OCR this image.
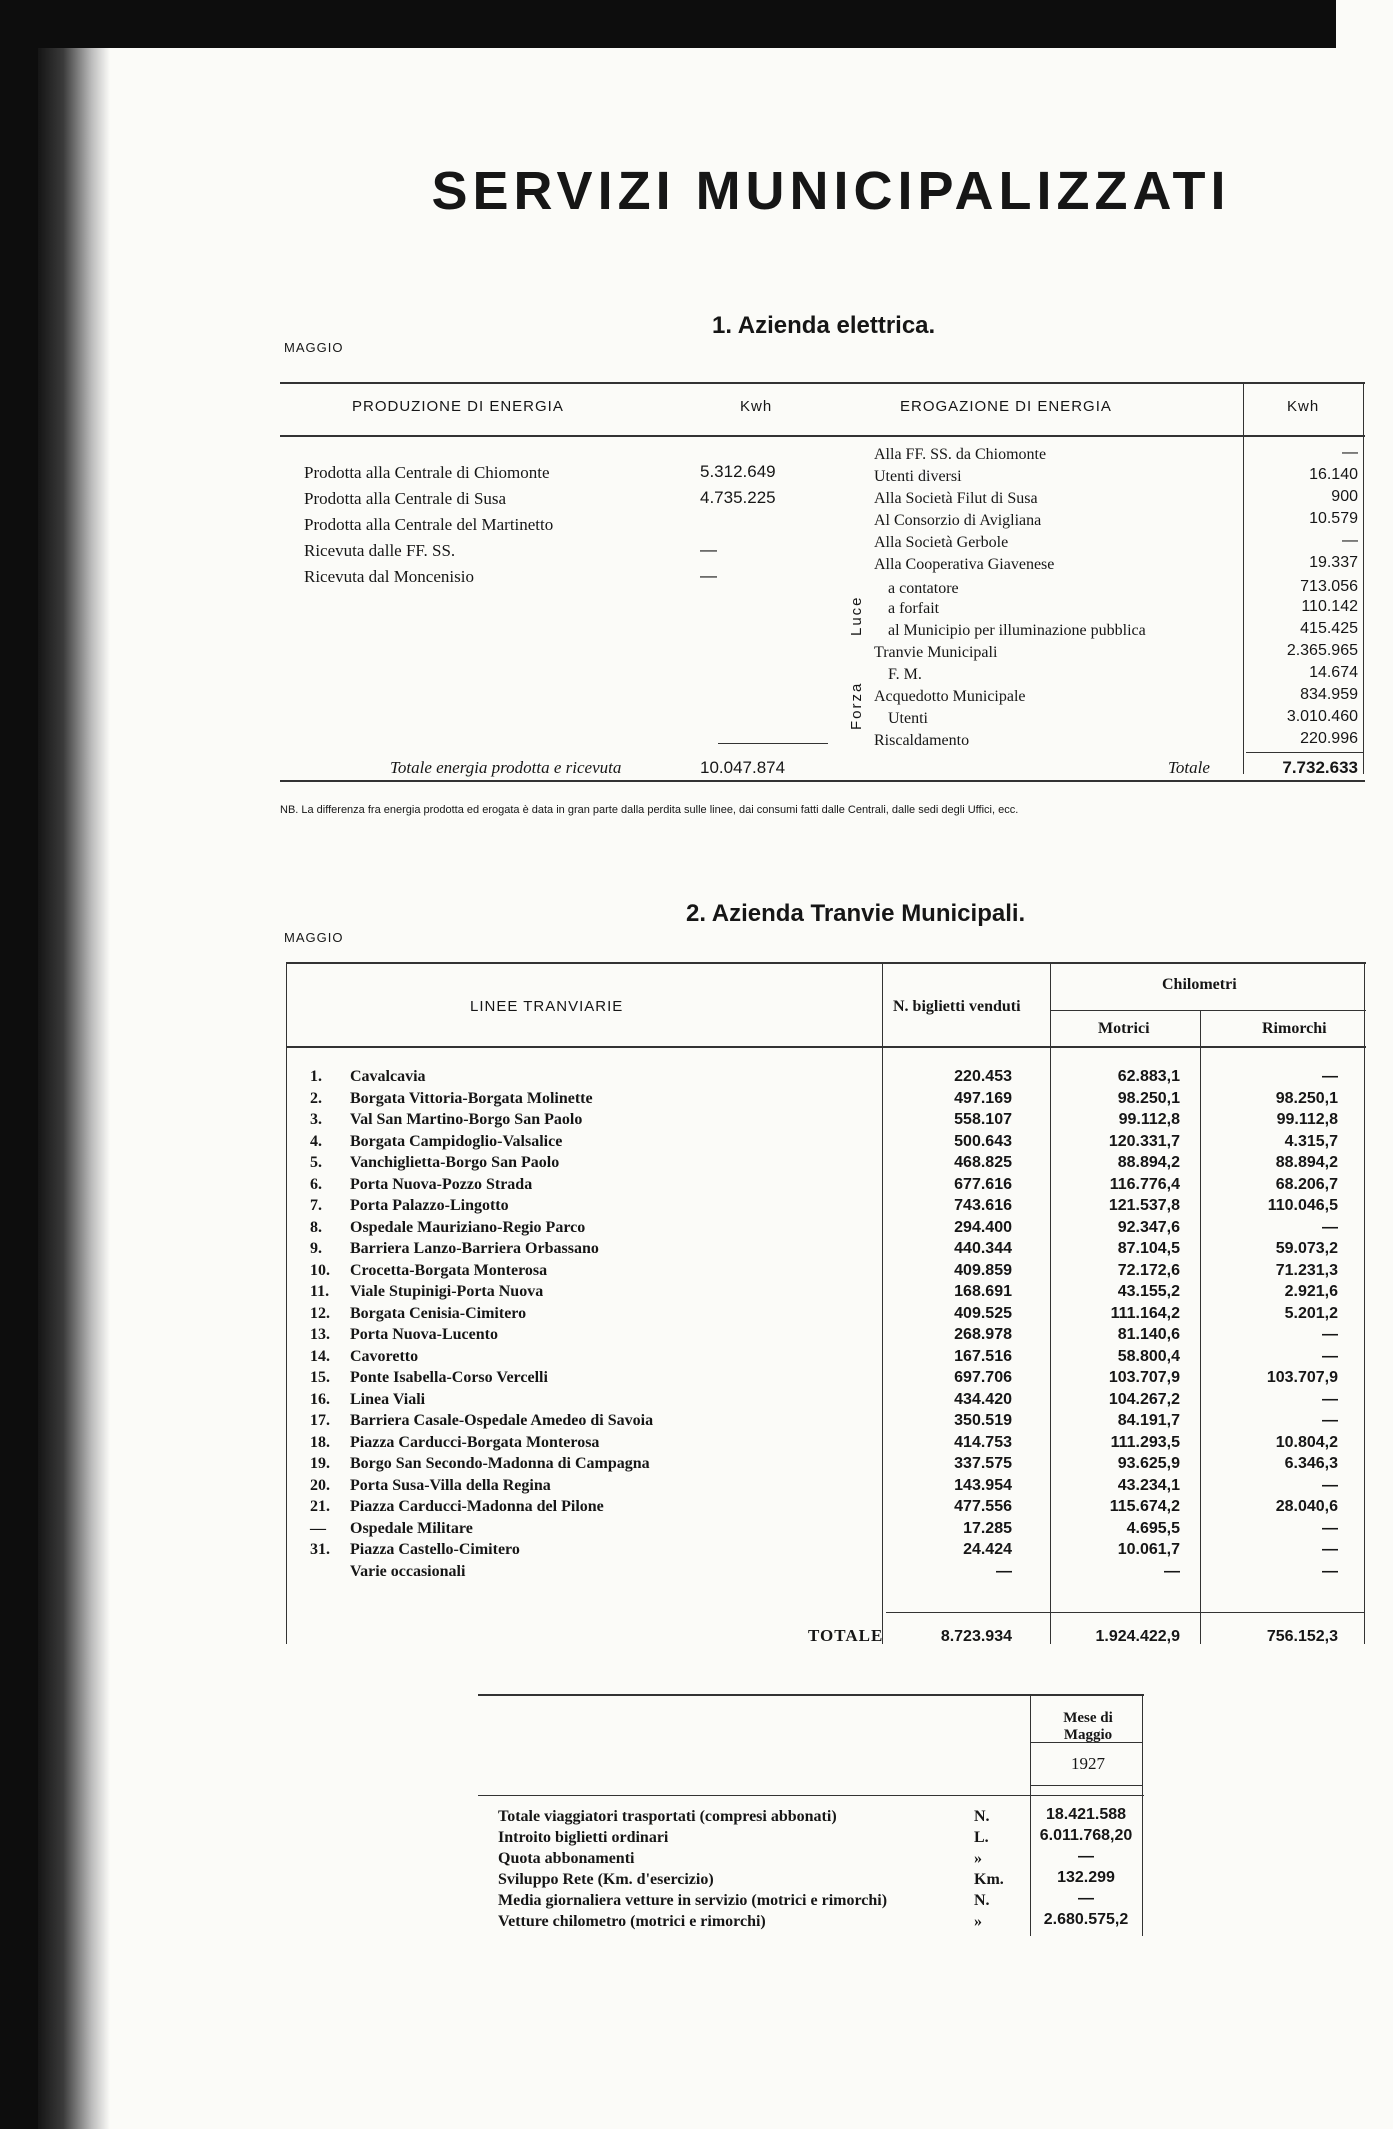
SERVIZI MUNICIPALIZZATI
MAGGIO
1. Azienda elettrica.
PRODUZIONE DI ENERGIA	Kwh	EROGAZIONE DI ENERGIA	Kwh
Prodotta alla Centrale di Chiomonte	5.312.649
Prodotta alla Centrale di Susa	4.735.225
Prodotta alla Centrale del Martinetto
Ricevuta dalle FF. SS.	—
Ricevuta dal Moncenisio	—
Totale energia prodotta e ricevuta	10.047.874
Alla FF. SS. da Chiomonte	—
Utenti diversi	16.140
Alla Società Filut di Susa	900
Al Consorzio di Avigliana	10.579
Alla Società Gerbole	—
Alla Cooperativa Giavenese	19.337
a contatore	713.056
a forfait	110.142
al Municipio per illuminazione pubblica	415.425
Tranvie Municipali	2.365.965
F. M.	14.674
Acquedotto Municipale	834.959
Utenti	3.010.460
Riscaldamento	220.996
Luce
Forza
Totale	7.732.633
NB. La differenza fra energia prodotta ed erogata è data in gran parte dalla perdita sulle linee, dai consumi fatti dalle Centrali, dalle sedi degli Uffici, ecc.
MAGGIO
2. Azienda Tranvie Municipali.
LINEE TRANVIARIE	N. biglietti venduti
Chilometri
Motrici	Rimorchi
1.	Cavalcavia	220.453	62.883,1	—
2.	Borgata Vittoria-Borgata Molinette	497.169	98.250,1	98.250,1
3.	Val San Martino-Borgo San Paolo	558.107	99.112,8	99.112,8
4.	Borgata Campidoglio-Valsalice	500.643	120.331,7	4.315,7
5.	Vanchiglietta-Borgo San Paolo	468.825	88.894,2	88.894,2
6.	Porta Nuova-Pozzo Strada	677.616	116.776,4	68.206,7
7.	Porta Palazzo-Lingotto	743.616	121.537,8	110.046,5
8.	Ospedale Mauriziano-Regio Parco	294.400	92.347,6	—
9.	Barriera Lanzo-Barriera Orbassano	440.344	87.104,5	59.073,2
10.	Crocetta-Borgata Monterosa	409.859	72.172,6	71.231,3
11.	Viale Stupinigi-Porta Nuova	168.691	43.155,2	2.921,6
12.	Borgata Cenisia-Cimitero	409.525	111.164,2	5.201,2
13.	Porta Nuova-Lucento	268.978	81.140,6	—
14.	Cavoretto	167.516	58.800,4	—
15.	Ponte Isabella-Corso Vercelli	697.706	103.707,9	103.707,9
16.	Linea Viali	434.420	104.267,2	—
17.	Barriera Casale-Ospedale Amedeo di Savoia	350.519	84.191,7	—
18.	Piazza Carducci-Borgata Monterosa	414.753	111.293,5	10.804,2
19.	Borgo San Secondo-Madonna di Campagna	337.575	93.625,9	6.346,3
20.	Porta Susa-Villa della Regina	143.954	43.234,1	—
21.	Piazza Carducci-Madonna del Pilone	477.556	115.674,2	28.040,6
—	Ospedale Militare	17.285	4.695,5	—
31.	Piazza Castello-Cimitero	24.424	10.061,7	—
Varie occasionali	—	—	—
TOTALE	8.723.934	1.924.422,9	756.152,3
Mese di Maggio
1927
Totale viaggiatori trasportati (compresi abbonati)	N.	18.421.588
Introito biglietti ordinari	L.	6.011.768,20
Quota abbonamenti	»	—
Sviluppo Rete (Km. d'esercizio)	Km.	132.299
Media giornaliera vetture in servizio (motrici e rimorchi)	N.	—
Vetture chilometro (motrici e rimorchi)	»	2.680.575,2
